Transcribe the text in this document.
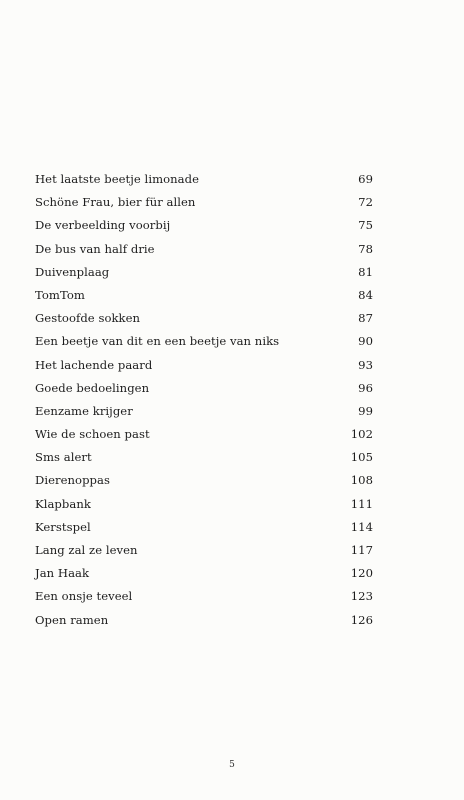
Het laatste beetje limonade	69
Schöne Frau, bier für allen	72
De verbeelding voorbij	75
De bus van half drie	78
Duivenplaag	81
TomTom	84
Gestoofde sokken	87
Een beetje van dit en een beetje van niks	90
Het lachende paard	93
Goede bedoelingen	96
Eenzame krijger	99
Wie de schoen past	102
Sms alert	105
Dierenoppas	108
Klapbank	111
Kerstspel	114
Lang zal ze leven	117
Jan Haak	120
Een onsje teveel	123
Open ramen	126
5
